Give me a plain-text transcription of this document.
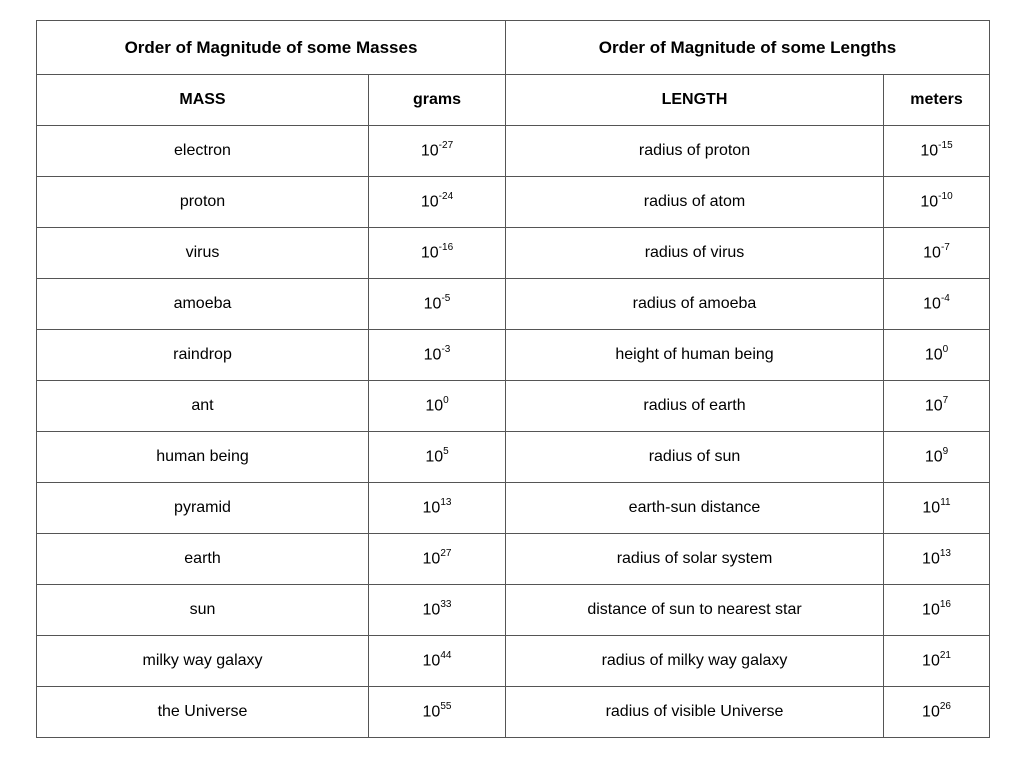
Order of Magnitude of some Masses		Order of Magnitude of some Lengths	
MASS	grams	LENGTH	meters
electron	$10^{-27}$	radius of proton	$10^{-15}$
proton	$10^{-24}$	radius of atom	$10^{-10}$
virus	$10^{-16}$	radius of virus	$10^{-7}$
amoeba	$10^{-5}$	radius of amoeba	$10^{-4}$
raindrop	$10^{-3}$	height of human being	$10^0$
ant	$10^0$	radius of earth	$10^7$
human being	$10^5$	radius of sun	$10^9$
pyramid	$10^{13}$	earth-sun distance	$10^{11}$
earth	$10^{27}$	radius of solar system	$10^{13}$
sun	$10^{33}$	distance of sun to nearest star	$10^{16}$
milky way galaxy	$10^{44}$	radius of milky way galaxy	$10^{21}$
the Universe	$10^{55}$	radius of visible Universe	$10^{26}$
